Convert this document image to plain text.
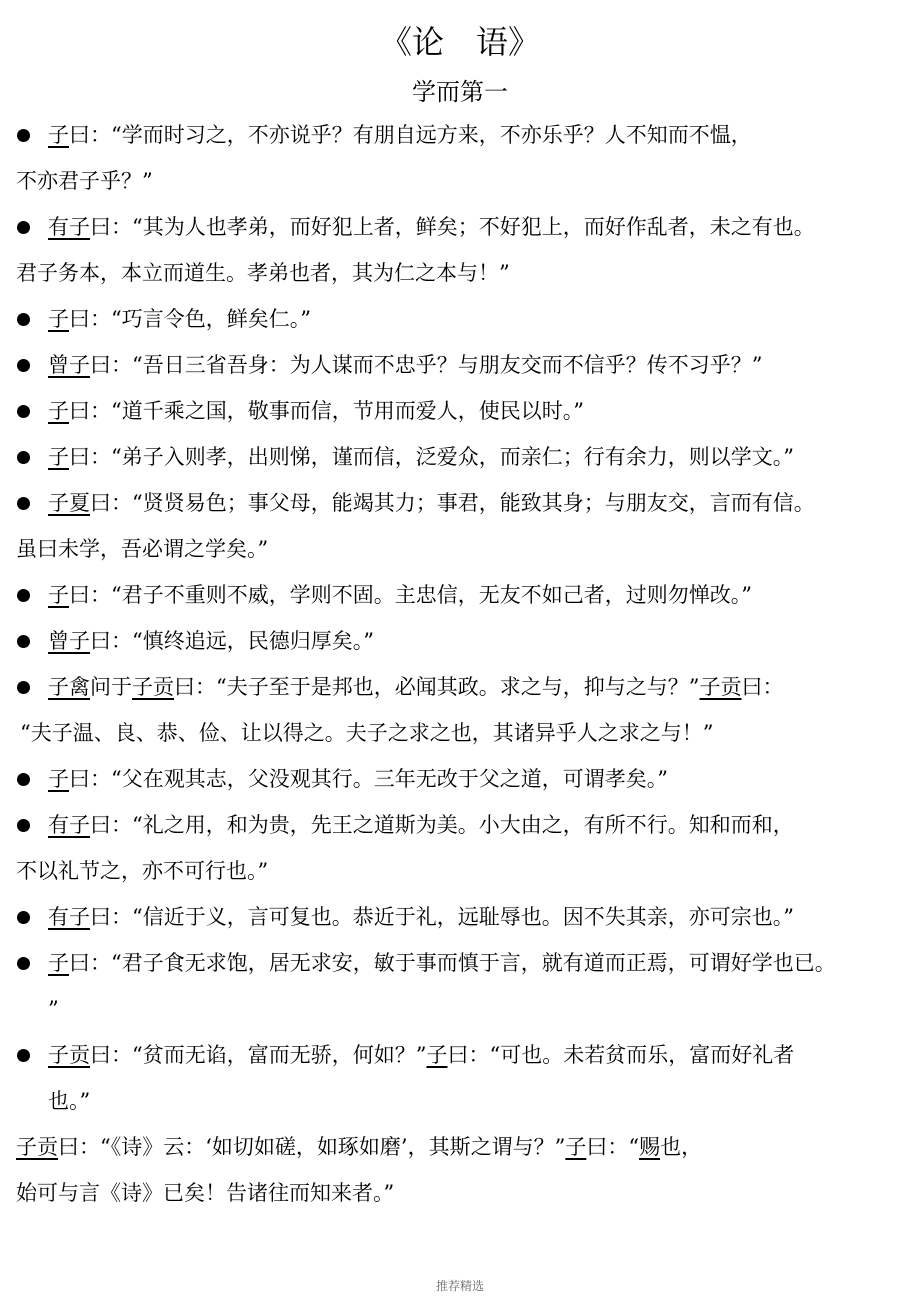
《论　语》
学而第一
子曰：“学而时习之，不亦说乎？有朋自远方来，不亦乐乎？人不知而不愠，
不亦君子乎？”
有子曰：“其为人也孝弟，而好犯上者，鲜矣；不好犯上，而好作乱者，未之有也。
君子务本，本立而道生。孝弟也者，其为仁之本与！”
子曰：“巧言令色，鲜矣仁。”
曾子曰：“吾日三省吾身：为人谋而不忠乎？与朋友交而不信乎？传不习乎？”
子曰：“道千乘之国，敬事而信，节用而爱人，使民以时。”
子曰：“弟子入则孝，出则悌，谨而信，泛爱众，而亲仁；行有余力，则以学文。”
子夏曰：“贤贤易色；事父母，能竭其力；事君，能致其身；与朋友交，言而有信。
虽曰未学，吾必谓之学矣。”
子曰：“君子不重则不威，学则不固。主忠信，无友不如己者，过则勿惮改。”
曾子曰：“慎终追远，民德归厚矣。”
子禽问于子贡曰：“夫子至于是邦也，必闻其政。求之与，抑与之与？”子贡曰：
“夫子温、良、恭、俭、让以得之。夫子之求之也，其诸异乎人之求之与！”
子曰：“父在观其志，父没观其行。三年无改于父之道，可谓孝矣。”
有子曰：“礼之用，和为贵，先王之道斯为美。小大由之，有所不行。知和而和，
不以礼节之，亦不可行也。”
有子曰：“信近于义，言可复也。恭近于礼，远耻辱也。因不失其亲，亦可宗也。”
子曰：“君子食无求饱，居无求安，敏于事而慎于言，就有道而正焉，可谓好学也已。
”
子贡曰：“贫而无谄，富而无骄，何如？”子曰：“可也。未若贫而乐，富而好礼者
也。”
子贡曰：“《诗》云：‘如切如磋，如琢如磨’，其斯之谓与？”子曰：“赐也，
始可与言《诗》已矣！告诸往而知来者。”
推荐精选
